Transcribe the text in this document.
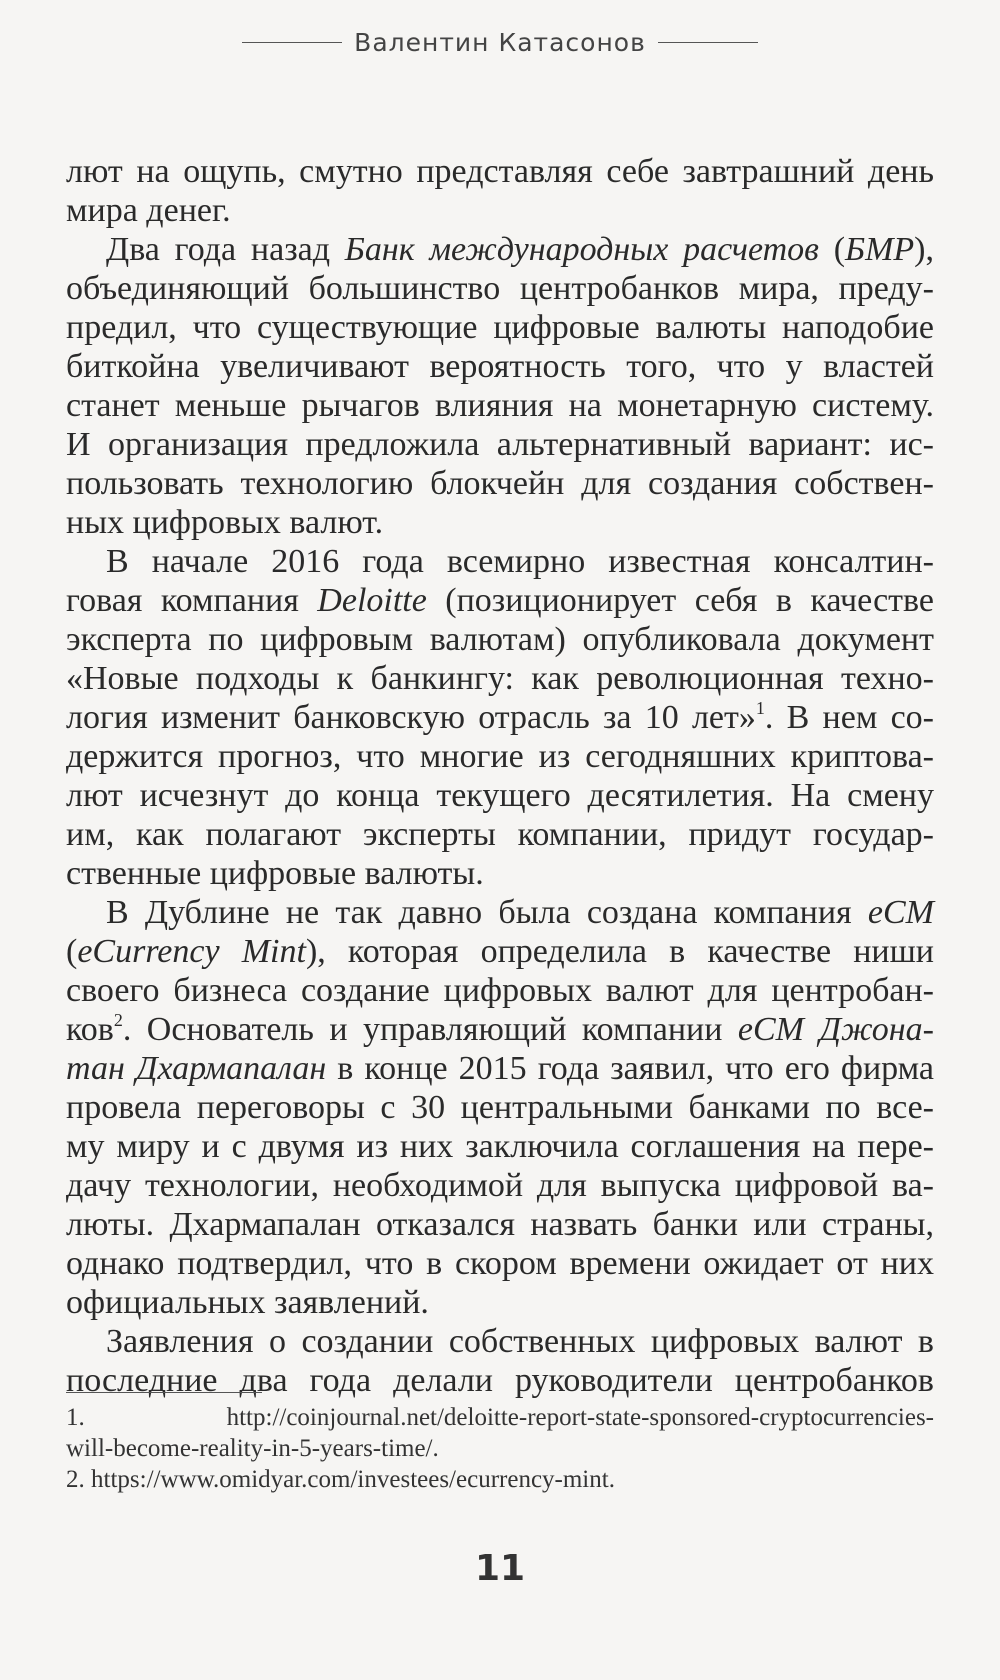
Валентин Катасонов
лют на ощупь, смутно представляя себе завтрашний день
мира денег.
Два года назад Банк международных расчетов (БМР),
объединяющий большинство центробанков мира, преду-
предил, что существующие цифровые валюты наподобие
биткойна увеличивают вероятность того, что у властей
станет меньше рычагов влияния на монетарную систему.
И организация предложила альтернативный вариант: ис-
пользовать технологию блокчейн для создания собствен-
ных цифровых валют.
В начале 2016 года всемирно известная консалтин-
говая компания Deloitte (позиционирует себя в качестве
эксперта по цифровым валютам) опубликовала документ
«Новые подходы к банкингу: как революционная техно-
логия изменит банковскую отрасль за 10 лет»$^1$. В нем со-
держится прогноз, что многие из сегодняшних криптова-
лют исчезнут до конца текущего десятилетия. На смену
им, как полагают эксперты компании, придут государ-
ственные цифровые валюты.
В Дублине не так давно была создана компания eCM
(eCurrency Mint), которая определила в качестве ниши
своего бизнеса создание цифровых валют для центробан-
ков$^2$. Основатель и управляющий компании eCM Джона-
тан Дхармапалан в конце 2015 года заявил, что его фирма
провела переговоры с 30 центральными банками по все-
му миру и с двумя из них заключила соглашения на пере-
дачу технологии, необходимой для выпуска цифровой ва-
люты. Дхармапалан отказался назвать банки или страны,
однако подтвердил, что в скором времени ожидает от них
официальных заявлений.
Заявления о создании собственных цифровых валют в
последние два года делали руководители центробанков
1. http://coinjournal.net/deloitte-report-state-sponsored-cryptocurrencies-
will-become-reality-in-5-years-time/.
2. https://www.omidyar.com/investees/ecurrency-mint.
11
